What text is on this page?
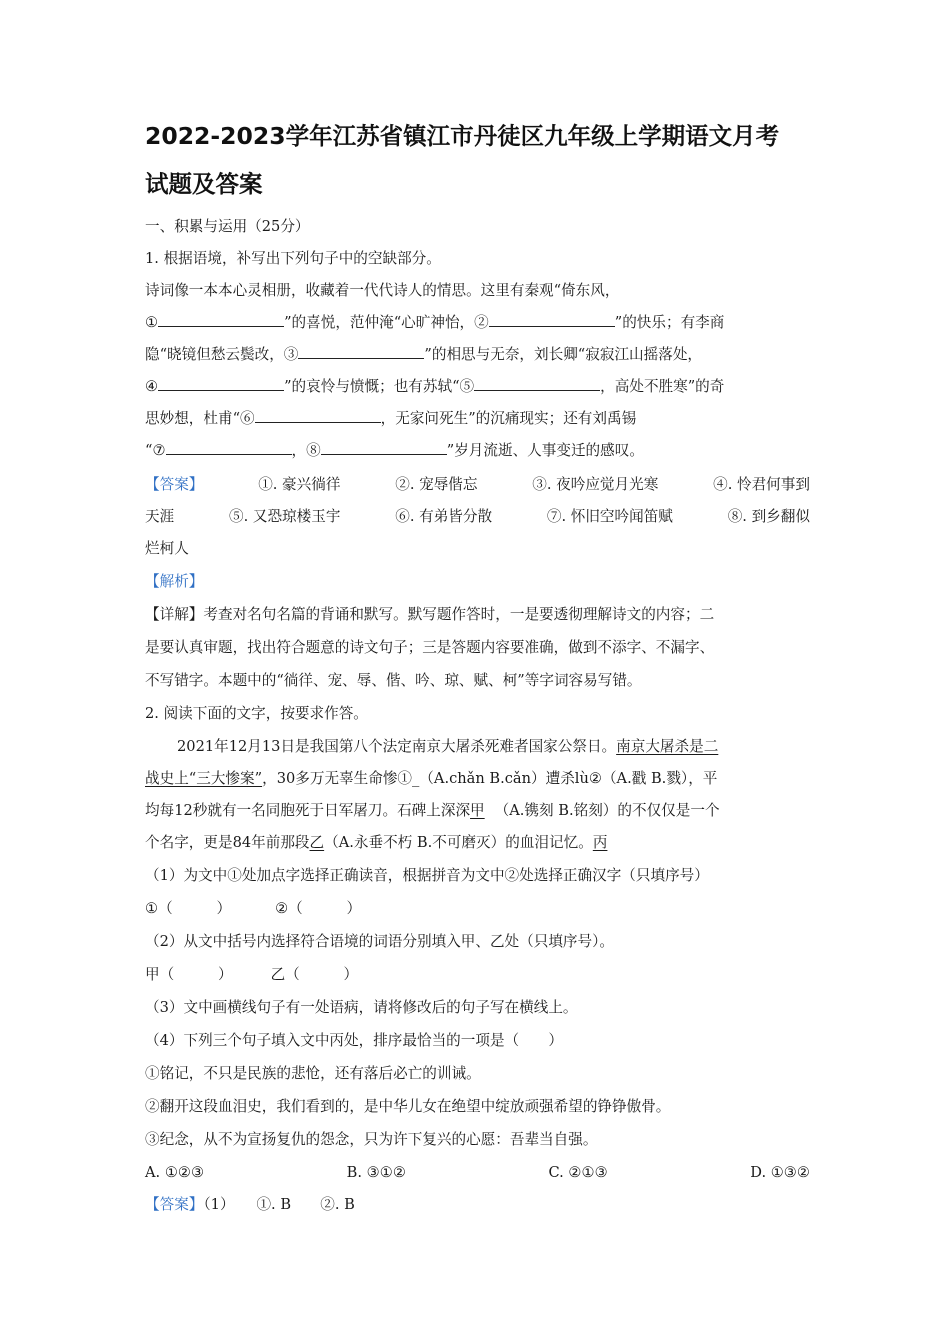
2022-2023学年江苏省镇江市丹徒区九年级上学期语文月考
试题及答案
一、积累与运用（25分）
1. 根据语境，补写出下列句子中的空缺部分。
诗词像一本本心灵相册，收藏着一代代诗人的情思。这里有秦观“倚东风，
①	”的喜悦，范仲淹“心旷神怡，②	”的快乐；有李商
隐“晓镜但愁云鬓改，③	”的相思与无奈，刘长卿“寂寂江山摇落处，
④	”的哀怜与愤慨；也有苏轼“⑤	，高处不胜寒”的奇
思妙想，杜甫“⑥	，无家问死生”的沉痛现实；还有刘禹锡
“⑦	，⑧	”岁月流逝、人事变迁的感叹。
【答案】	①. 豪兴徜徉	②. 宠辱偕忘	③. 夜吟应觉月光寒	④. 怜君何事到
天涯	⑤. 又恐琼楼玉宇	⑥. 有弟皆分散	⑦. 怀旧空吟闻笛赋	⑧. 到乡翻似
烂柯人
【解析】
【详解】考查对名句名篇的背诵和默写。默写题作答时，一是要透彻理解诗文的内容；二
是要认真审题，找出符合题意的诗文句子；三是答题内容要准确，做到不添字、不漏字、
不写错字。本题中的“徜徉、宠、辱、偕、吟、琼、赋、柯”等字词容易写错。
2. 阅读下面的文字，按要求作答。
2021年12月13日是我国第八个法定南京大屠杀死难者国家公祭日。南京大屠杀是二
战史上“三大惨案”，30多万无辜生命惨①_（A.chǎn B.cǎn）遭杀lù②（A.戳 B.戮），平
均每12秒就有一名同胞死于日军屠刀。石碑上深深甲 （A.镌刻 B.铭刻）的不仅仅是一个
个名字，更是84年前那段乙（A.永垂不朽 B.不可磨灭）的血泪记忆。丙
（1）为文中①处加点字选择正确读音，根据拼音为文中②处选择正确汉字（只填序号）
①（　　　）	②（　　　）
（2）从文中括号内选择符合语境的词语分别填入甲、乙处（只填序号）。
甲（　　　）	乙（　　　）
（3）文中画横线句子有一处语病，请将修改后的句子写在横线上。
（4）下列三个句子填入文中丙处，排序最恰当的一项是（　　）
①铭记，不只是民族的悲怆，还有落后必亡的训诫。
②翻开这段血泪史，我们看到的，是中华儿女在绝望中绽放顽强希望的铮铮傲骨。
③纪念，从不为宣扬复仇的怨念，只为许下复兴的心愿：吾辈当自强。
A. ①②③	B. ③①②	C. ②①③	D. ①③②
【答案】（1）　　①. B　　②. B
